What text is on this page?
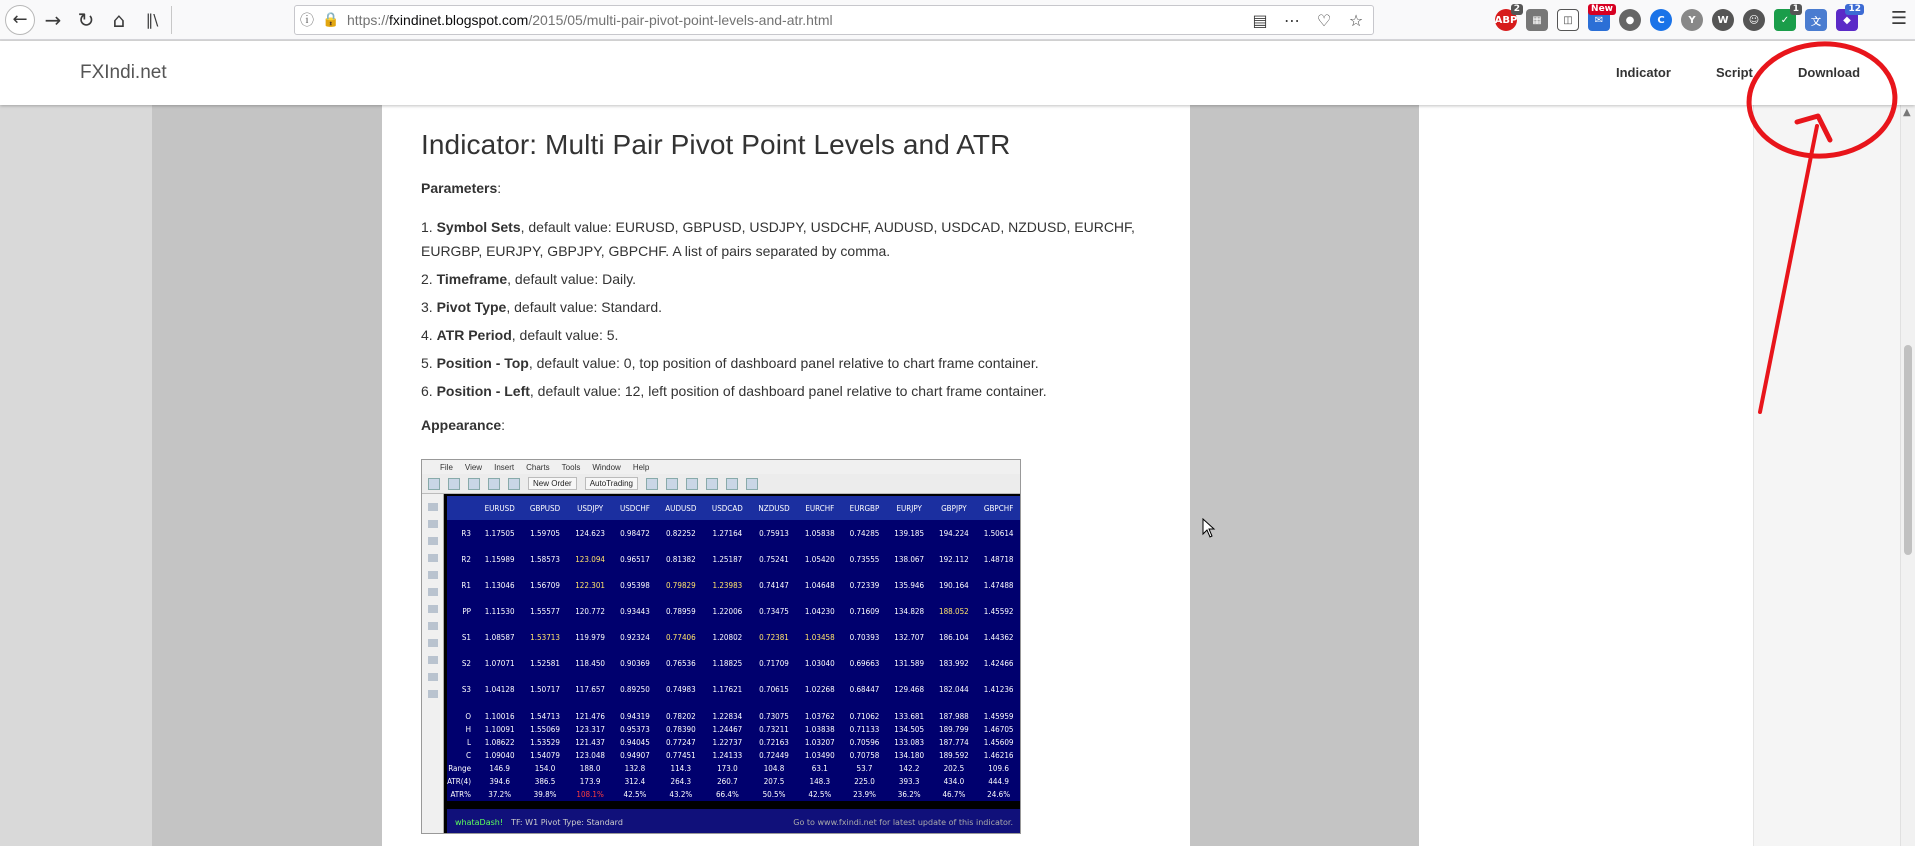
← → ↻ ⌂	‖\	ⓘ 🔒 https://fxindinet.blogspot.com/2015/05/multi-pair-pivot-point-levels-and-atr.html	▤	⋯	♡	☆	ABP
2
▦	◫	✉
New
●	C	Y	W	☺	✓
1
文	◆
12 ☰
FXIndi.net	Indicator	Script	Download
▲
Indicator: Multi Pair Pivot Point Levels and ATR
Parameters:
1. Symbol Sets, default value: EURUSD, GBPUSD, USDJPY, USDCHF, AUDUSD, USDCAD, NZDUSD, EURCHF, EURGBP, EURJPY, GBPJPY, GBPCHF. A list of pairs separated by comma.
2. Timeframe, default value: Daily.
3. Pivot Type, default value: Standard.
4. ATR Period, default value: 5.
5. Position - Top, default value: 0, top position of dashboard panel relative to chart frame container.
6. Position - Left, default value: 12, left position of dashboard panel relative to chart frame container.
Appearance:
File View Insert Charts Tools Window Help
New Order	AutoTrading
	EURUSD	GBPUSD	USDJPY	USDCHF	AUDUSD	USDCAD	NZDUSD	EURCHF	EURGBP	EURJPY	GBPJPY	GBPCHF
R3	1.17505	1.59705	124.623	0.98472	0.82252	1.27164	0.75913	1.05838	0.74285	139.185	194.224	1.50614
R2	1.15989	1.58573	123.094	0.96517	0.81382	1.25187	0.75241	1.05420	0.73555	138.067	192.112	1.48718
R1	1.13046	1.56709	122.301	0.95398	0.79829	1.23983	0.74147	1.04648	0.72339	135.946	190.164	1.47488
PP	1.11530	1.55577	120.772	0.93443	0.78959	1.22006	0.73475	1.04230	0.71609	134.828	188.052	1.45592
S1	1.08587	1.53713	119.979	0.92324	0.77406	1.20802	0.72381	1.03458	0.70393	132.707	186.104	1.44362
S2	1.07071	1.52581	118.450	0.90369	0.76536	1.18825	0.71709	1.03040	0.69663	131.589	183.992	1.42466
S3	1.04128	1.50717	117.657	0.89250	0.74983	1.17621	0.70615	1.02268	0.68447	129.468	182.044	1.41236

O	1.10016	1.54713	121.476	0.94319	0.78202	1.22834	0.73075	1.03762	0.71062	133.681	187.988	1.45959
H	1.10091	1.55069	123.317	0.95373	0.78390	1.24467	0.73211	1.03838	0.71133	134.505	189.799	1.46705
L	1.08622	1.53529	121.437	0.94045	0.77247	1.22737	0.72163	1.03207	0.70596	133.083	187.774	1.45609
C	1.09040	1.54079	123.048	0.94907	0.77451	1.24133	0.72449	1.03490	0.70758	134.180	189.592	1.46216
Range	146.9	154.0	188.0	132.8	114.3	173.0	104.8	63.1	53.7	142.2	202.5	109.6
ATR(4)	394.6	386.5	173.9	312.4	264.3	260.7	207.5	148.3	225.0	393.3	434.0	444.9
ATR%	37.2%	39.8%	108.1%	42.5%	43.2%	66.4%	50.5%	42.5%	23.9%	36.2%	46.7%	24.6%
whataDash! TF: W1 Pivot Type: Standard	Go to www.fxindi.net for latest update of this indicator.
